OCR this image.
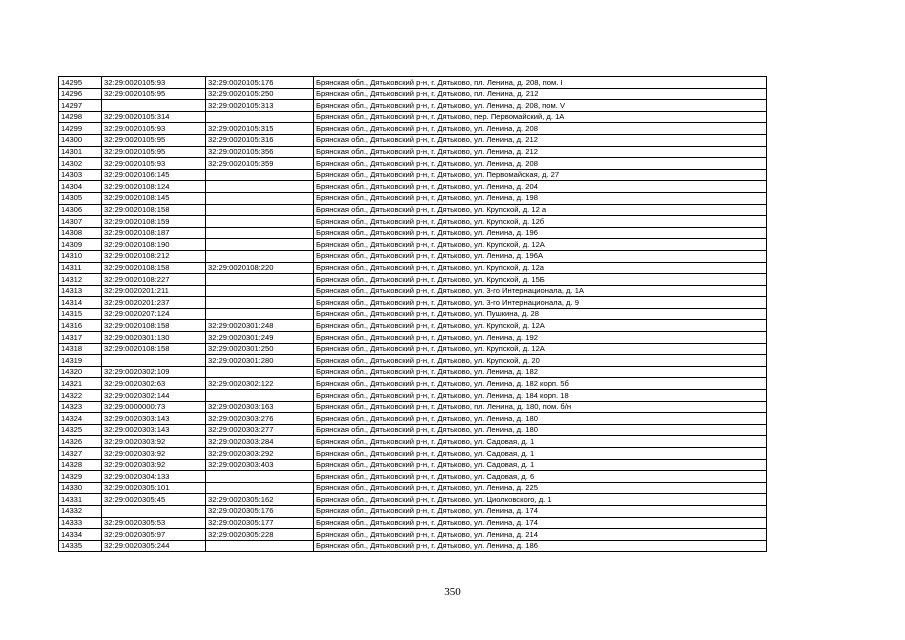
14295	32:29:0020105:93	32:29:0020105:176	Брянская обл., Дятьковский р-н, г. Дятьково, пл. Ленина, д. 208, пом. I
14296	32:29:0020105:95	32:29:0020105:250	Брянская обл., Дятьковский р-н, г. Дятьково, пл. Ленина, д. 212
14297		32:29:0020105:313	Брянская обл., Дятьковский р-н, г. Дятьково, ул. Ленина, д. 208, пом. V
14298	32:29:0020105:314		Брянская обл., Дятьковский р-н, г. Дятьково, пер. Первомайский, д. 1А
14299	32:29:0020105:93	32:29:0020105:315	Брянская обл., Дятьковский р-н, г. Дятьково, ул. Ленина, д. 208
14300	32:29:0020105:95	32:29:0020105:316	Брянская обл., Дятьковский р-н, г. Дятьково, ул. Ленина, д. 212
14301	32:29:0020105:95	32:29:0020105:356	Брянская обл., Дятьковский р-н, г. Дятьково, ул. Ленина, д. 212
14302	32:29:0020105:93	32:29:0020105:359	Брянская обл., Дятьковский р-н, г. Дятьково, ул. Ленина, д. 208
14303	32:29:0020106:145		Брянская обл., Дятьковский р-н, г. Дятьково, ул. Первомайская, д. 27
14304	32:29:0020108:124		Брянская обл., Дятьковский р-н, г. Дятьково, ул. Ленина, д. 204
14305	32:29:0020108:145		Брянская обл., Дятьковский р-н, г. Дятьково, ул. Ленина, д. 198
14306	32:29:0020108:158		Брянская обл., Дятьковский р-н, г. Дятьково, ул. Крупской, д. 12 а
14307	32:29:0020108:159		Брянская обл., Дятьковский р-н, г. Дятьково, ул. Крупской, д. 12б
14308	32:29:0020108:187		Брянская обл., Дятьковский р-н, г. Дятьково, ул. Ленина, д. 196
14309	32:29:0020108:190		Брянская обл., Дятьковский р-н, г. Дятьково, ул. Крупской, д. 12А
14310	32:29:0020108:212		Брянская обл., Дятьковский р-н, г. Дятьково, ул. Ленина, д. 196А
14311	32:29:0020108:158	32:29:0020108:220	Брянская обл., Дятьковский р-н, г. Дятьково, ул. Крупской, д. 12а
14312	32:29:0020108:227		Брянская обл., Дятьковский р-н, г. Дятьково, ул. Крупской, д. 15Б
14313	32:29:0020201:211		Брянская обл., Дятьковский р-н, г. Дятьково, ул. 3-го Интернационала, д. 1А
14314	32:29:0020201:237		Брянская обл., Дятьковский р-н, г. Дятьково, ул. 3-го Интернационала, д. 9
14315	32:29:0020207:124		Брянская обл., Дятьковский р-н, г. Дятьково, ул. Пушкина, д. 28
14316	32:29:0020108:158	32:29:0020301:248	Брянская обл., Дятьковский р-н, г. Дятьково, ул. Крупской, д. 12А
14317	32:29:0020301:130	32:29:0020301:249	Брянская обл., Дятьковский р-н, г. Дятьково, ул. Ленина, д. 192
14318	32:29:0020108:158	32:29:0020301:250	Брянская обл., Дятьковский р-н, г. Дятьково, ул. Крупской, д. 12А
14319		32:29:0020301:280	Брянская обл., Дятьковский р-н, г. Дятьково, ул. Крупской, д. 20
14320	32:29:0020302:109		Брянская обл., Дятьковский р-н, г. Дятьково, ул. Ленина, д. 182
14321	32:29:0020302:63	32:29:0020302:122	Брянская обл., Дятьковский р-н, г. Дятьково, ул. Ленина, д. 182 корп. 5б
14322	32:29:0020302:144		Брянская обл., Дятьковский р-н, г. Дятьково, ул. Ленина, д. 184 корп. 18
14323	32:29:0000000:73	32:29:0020303:163	Брянская обл., Дятьковский р-н, г. Дятьково, пл. Ленина, д. 180, пом. б/н
14324	32:29:0020303:143	32:29:0020303:276	Брянская обл., Дятьковский р-н, г. Дятьково, ул. Ленина, д. 180
14325	32:29:0020303:143	32:29:0020303:277	Брянская обл., Дятьковский р-н, г. Дятьково, ул. Ленина, д. 180
14326	32:29:0020303:92	32:29:0020303:284	Брянская обл., Дятьковский р-н, г. Дятьково, ул. Садовая, д. 1
14327	32:29:0020303:92	32:29:0020303:292	Брянская обл., Дятьковский р-н, г. Дятьково, ул. Садовая, д. 1
14328	32:29:0020303:92	32:29:0020303:403	Брянская обл., Дятьковский р-н, г. Дятьково, ул. Садовая, д. 1
14329	32:29:0020304:133		Брянская обл., Дятьковский р-н, г. Дятьково, ул. Садовая, д. 6
14330	32:29:0020305:101		Брянская обл., Дятьковский р-н, г. Дятьково, ул. Ленина, д. 225
14331	32:29:0020305:45	32:29:0020305:162	Брянская обл., Дятьковский р-н, г. Дятьково, ул. Циолковского, д. 1
14332		32:29:0020305:176	Брянская обл., Дятьковский р-н, г. Дятьково, ул. Ленина, д. 174
14333	32:29:0020305:53	32:29:0020305:177	Брянская обл., Дятьковский р-н, г. Дятьково, ул. Ленина, д. 174
14334	32:29:0020305:97	32:29:0020305:228	Брянская обл., Дятьковский р-н, г. Дятьково, ул. Ленина, д. 214
14335	32:29:0020305:244		Брянская обл., Дятьковский р-н, г. Дятьково, ул. Ленина, д. 186
350
